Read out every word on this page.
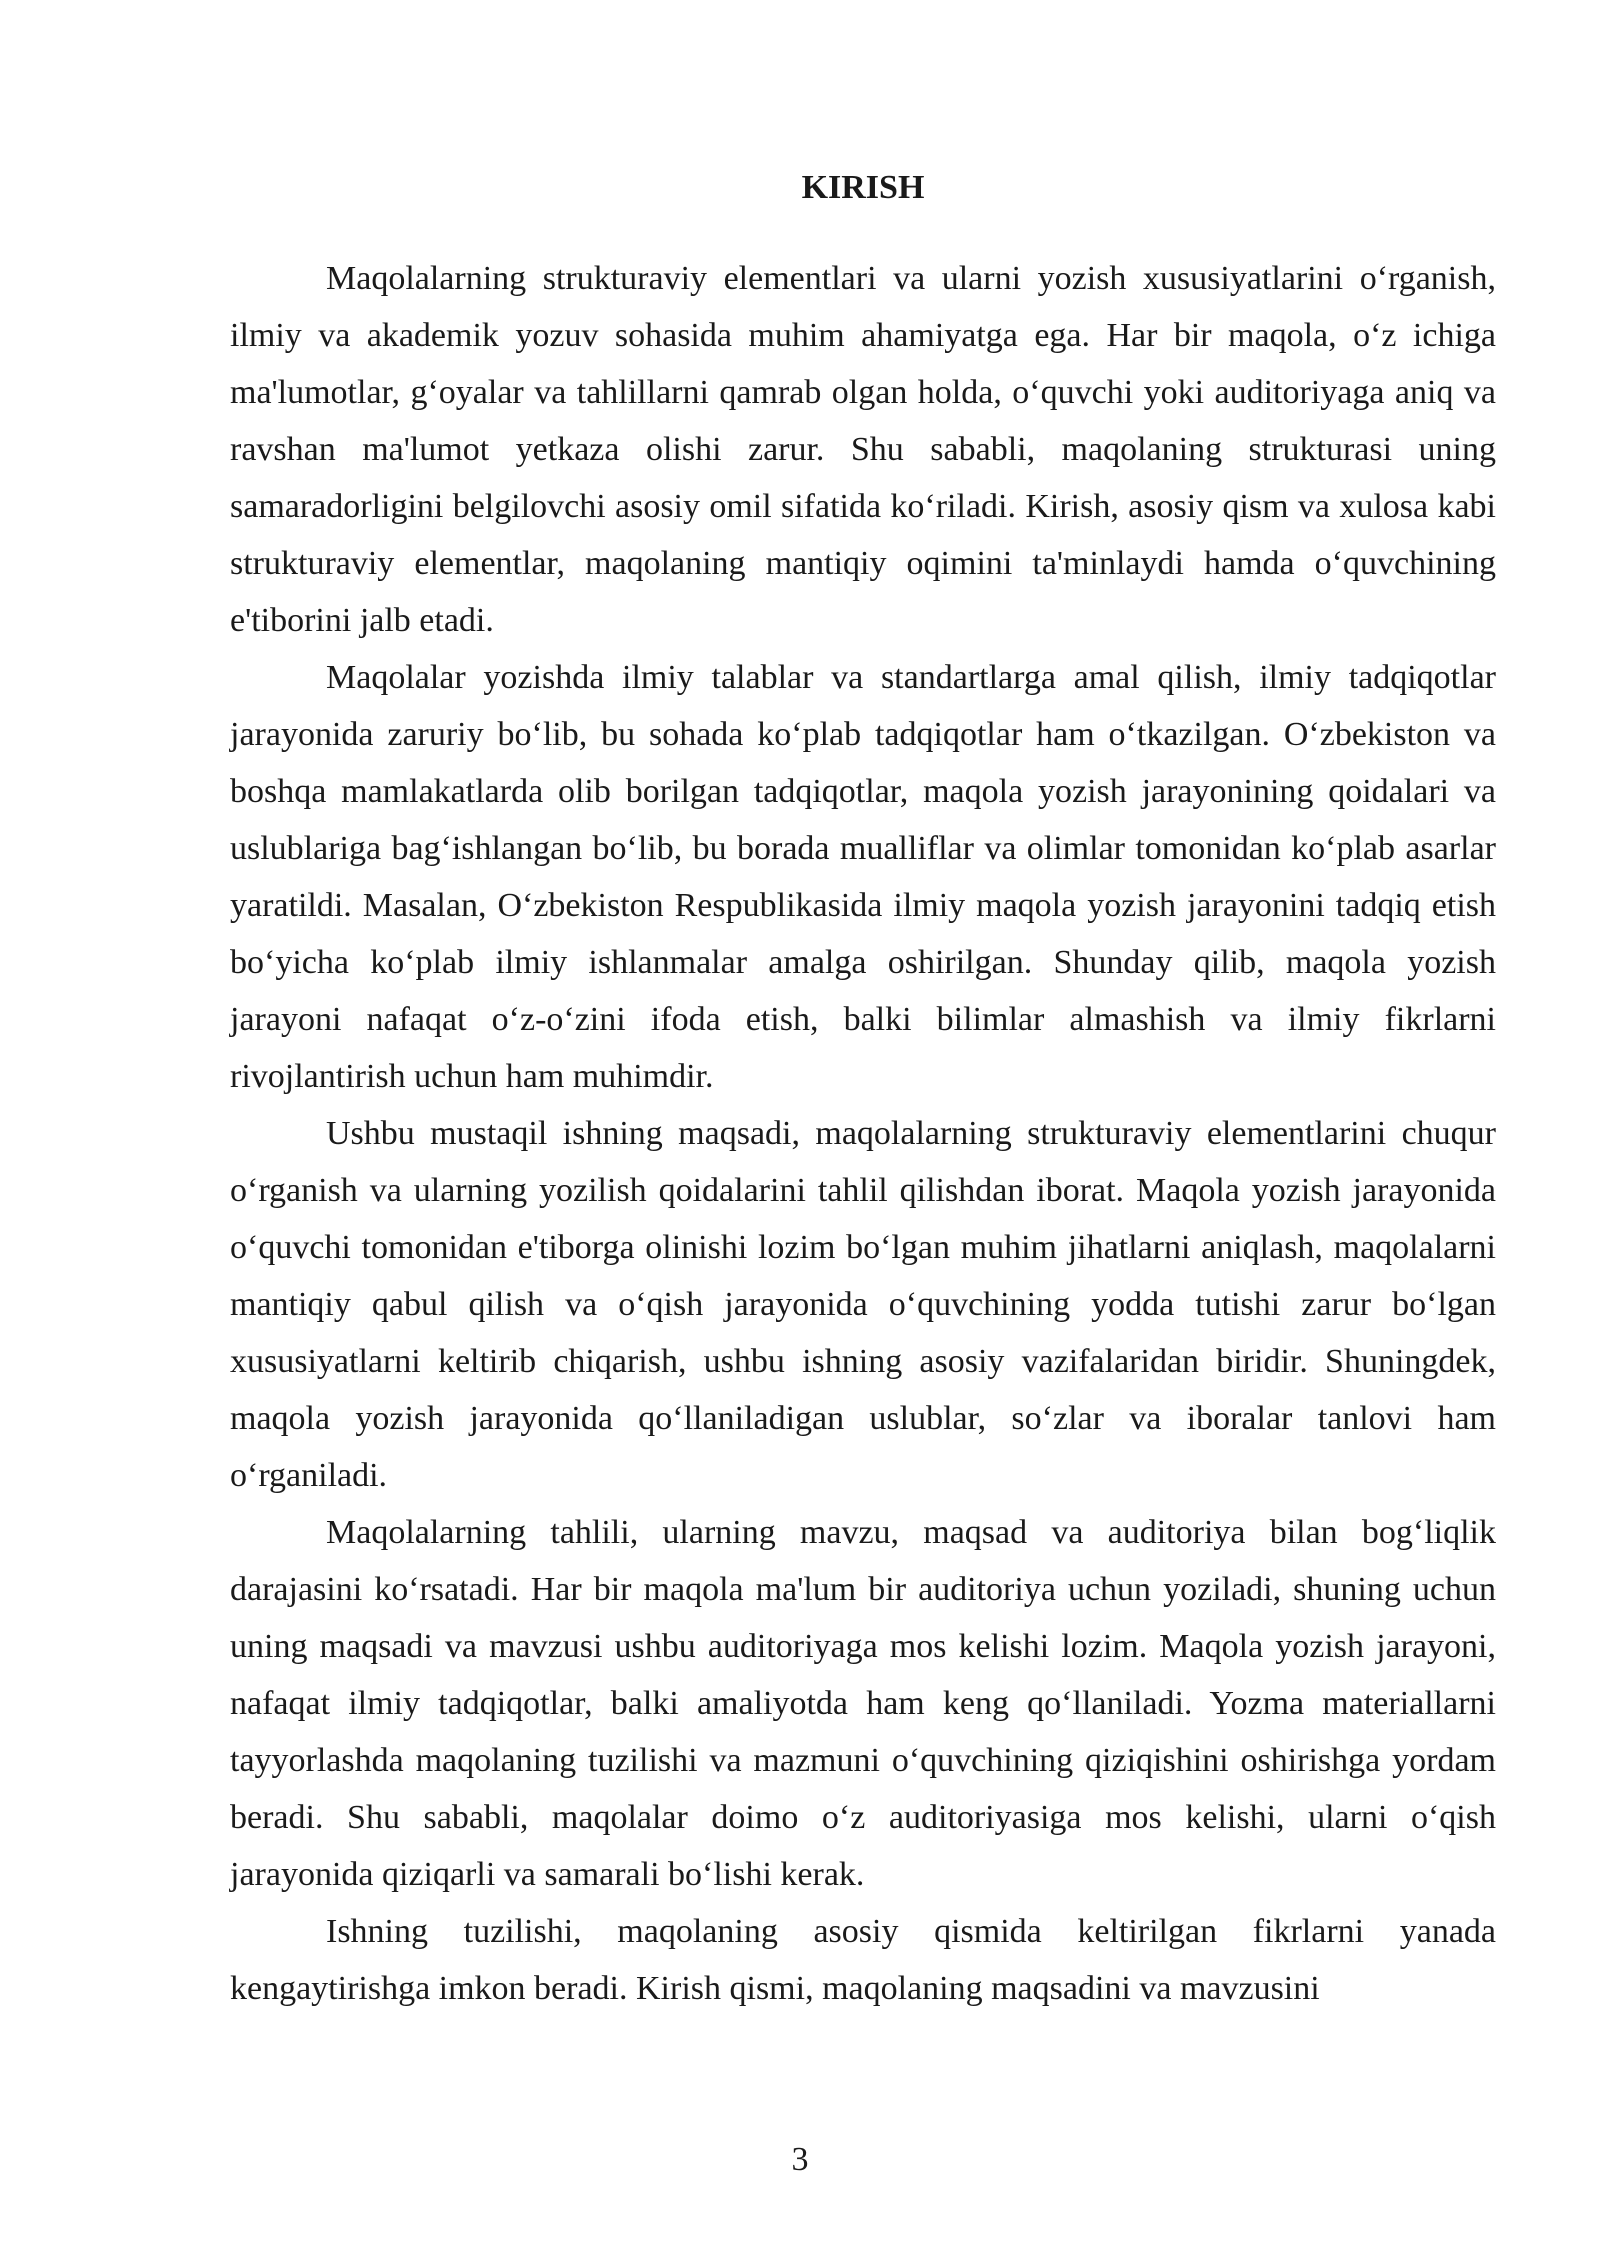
KIRISH

Maqolalarning strukturaviy elementlari va ularni yozish xususiyatlarini o‘rganish, ilmiy va akademik yozuv sohasida muhim ahamiyatga ega. Har bir maqola, o‘z ichiga ma'lumotlar, g‘oyalar va tahlillarni qamrab olgan holda, o‘quvchi yoki auditoriyaga aniq va ravshan ma'lumot yetkaza olishi zarur. Shu sababli, maqolaning strukturasi uning samaradorligini belgilovchi asosiy omil sifatida ko‘riladi. Kirish, asosiy qism va xulosa kabi strukturaviy elementlar, maqolaning mantiqiy oqimini ta'minlaydi hamda o‘quvchining e'tiborini jalb etadi.

Maqolalar yozishda ilmiy talablar va standartlarga amal qilish, ilmiy tadqiqotlar jarayonida zaruriy bo‘lib, bu sohada ko‘plab tadqiqotlar ham o‘tkazilgan. O‘zbekiston va boshqa mamlakatlarda olib borilgan tadqiqotlar, maqola yozish jarayonining qoidalari va uslublariga bag‘ishlangan bo‘lib, bu borada mualliflar va olimlar tomonidan ko‘plab asarlar yaratildi. Masalan, O‘zbekiston Respublikasida ilmiy maqola yozish jarayonini tadqiq etish bo‘yicha ko‘plab ilmiy ishlanmalar amalga oshirilgan. Shunday qilib, maqola yozish jarayoni nafaqat o‘z-o‘zini ifoda etish, balki bilimlar almashish va ilmiy fikrlarni rivojlantirish uchun ham muhimdir.

Ushbu mustaqil ishning maqsadi, maqolalarning strukturaviy elementlarini chuqur o‘rganish va ularning yozilish qoidalarini tahlil qilishdan iborat. Maqola yozish jarayonida o‘quvchi tomonidan e'tiborga olinishi lozim bo‘lgan muhim jihatlarni aniqlash, maqolalarni mantiqiy qabul qilish va o‘qish jarayonida o‘quvchining yodda tutishi zarur bo‘lgan xususiyatlarni keltirib chiqarish, ushbu ishning asosiy vazifalaridan biridir. Shuningdek, maqola yozish jarayonida qo‘llaniladigan uslublar, so‘zlar va iboralar tanlovi ham o‘rganiladi.

Maqolalarning tahlili, ularning mavzu, maqsad va auditoriya bilan bog‘liqlik darajasini ko‘rsatadi. Har bir maqola ma'lum bir auditoriya uchun yoziladi, shuning uchun uning maqsadi va mavzusi ushbu auditoriyaga mos kelishi lozim. Maqola yozish jarayoni, nafaqat ilmiy tadqiqotlar, balki amaliyotda ham keng qo‘llaniladi. Yozma materiallarni tayyorlashda maqolaning tuzilishi va mazmuni o‘quvchining qiziqishini oshirishga yordam beradi. Shu sababli, maqolalar doimo o‘z auditoriyasiga mos kelishi, ularni o‘qish jarayonida qiziqarli va samarali bo‘lishi kerak.

Ishning tuzilishi, maqolaning asosiy qismida keltirilgan fikrlarni yanada kengaytirishga imkon beradi. Kirish qismi, maqolaning maqsadini va mavzusini

3
